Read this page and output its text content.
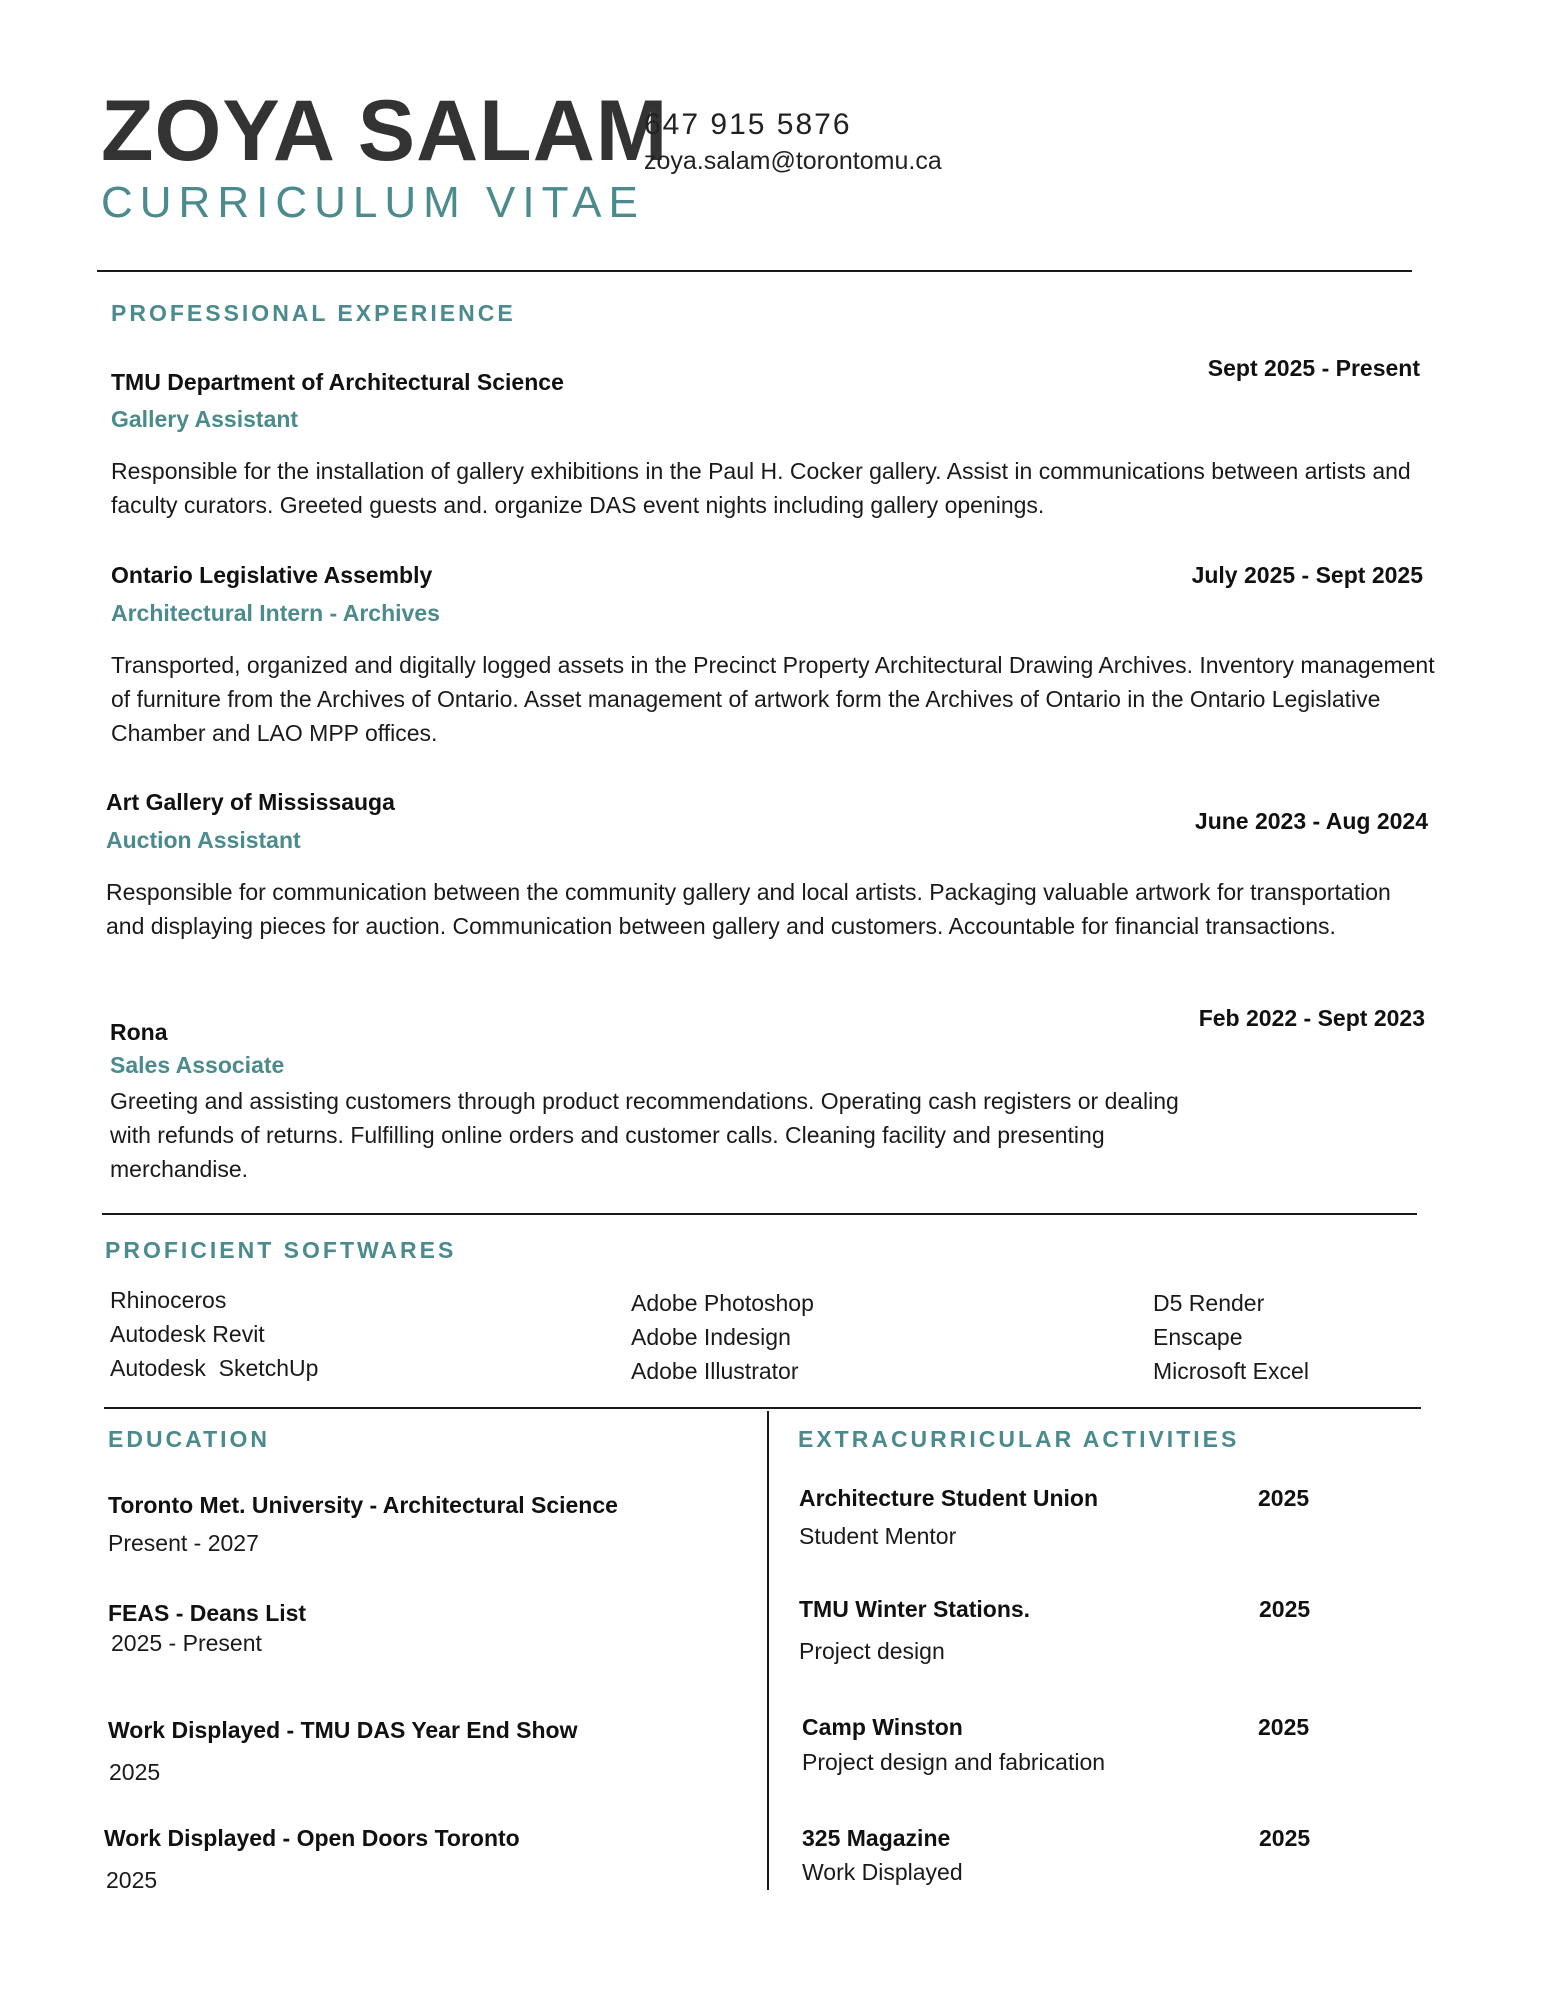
ZOYA SALAM
CURRICULUM VITAE
647 915 5876
zoya.salam@torontomu.ca
PROFESSIONAL EXPERIENCE
TMU Department of Architectural Science
Gallery Assistant
Sept 2025 - Present
Responsible for the installation of gallery exhibitions in the Paul H. Cocker gallery. Assist in communications between artists and faculty curators. Greeted guests and. organize DAS event nights including gallery openings.
Ontario Legislative Assembly
Architectural Intern - Archives
July 2025 - Sept 2025
Transported, organized and digitally logged assets in the Precinct Property Architectural Drawing Archives. Inventory management of furniture from the Archives of Ontario. Asset management of artwork form the Archives of Ontario in the Ontario Legislative Chamber and LAO MPP offices.
Art Gallery of Mississauga
Auction Assistant
June 2023 - Aug 2024
Responsible for communication between the community gallery and local artists. Packaging valuable artwork for transportation and displaying pieces for auction. Communication between gallery and customers. Accountable for financial transactions.
Rona
Sales Associate
Feb 2022 - Sept 2023
Greeting and assisting customers through product recommendations. Operating cash registers or dealing with refunds of returns. Fulfilling online orders and customer calls. Cleaning facility and presenting merchandise.
PROFICIENT SOFTWARES
Rhinoceros
Autodesk Revit
Autodesk  SketchUp
Adobe Photoshop
Adobe Indesign
Adobe Illustrator
D5 Render
Enscape
Microsoft Excel
EDUCATION
Toronto Met. University - Architectural Science
Present - 2027
FEAS - Deans List
2025 - Present
Work Displayed - TMU DAS Year End Show
2025
Work Displayed - Open Doors Toronto
2025
EXTRACURRICULAR ACTIVITIES
Architecture Student Union	2025
Student Mentor
TMU Winter Stations.	2025
Project design
Camp Winston	2025
Project design and fabrication
325 Magazine	2025
Work Displayed
